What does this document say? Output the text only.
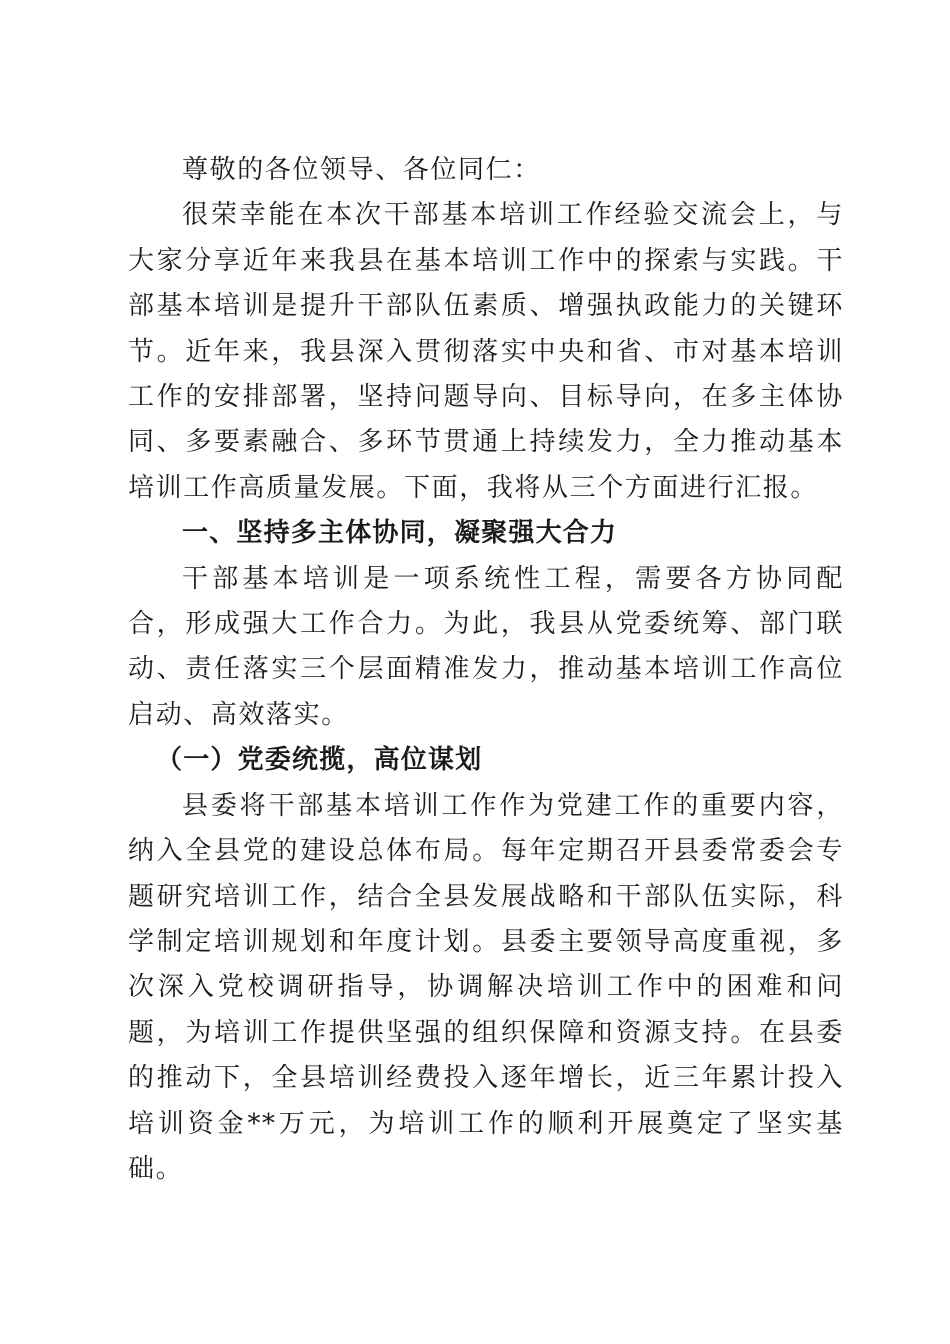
尊敬的各位领导、各位同仁：

很荣幸能在本次干部基本培训工作经验交流会上，与大家分享近年来我县在基本培训工作中的探索与实践。干部基本培训是提升干部队伍素质、增强执政能力的关键环节。近年来，我县深入贯彻落实中央和省、市对基本培训工作的安排部署，坚持问题导向、目标导向，在多主体协同、多要素融合、多环节贯通上持续发力，全力推动基本培训工作高质量发展。下面，我将从三个方面进行汇报。

一、坚持多主体协同，凝聚强大合力

干部基本培训是一项系统性工程，需要各方协同配合，形成强大工作合力。为此，我县从党委统筹、部门联动、责任落实三个层面精准发力，推动基本培训工作高位启动、高效落实。

（一）党委统揽，高位谋划

县委将干部基本培训工作作为党建工作的重要内容，纳入全县党的建设总体布局。每年定期召开县委常委会专题研究培训工作，结合全县发展战略和干部队伍实际，科学制定培训规划和年度计划。县委主要领导高度重视，多次深入党校调研指导，协调解决培训工作中的困难和问题，为培训工作提供坚强的组织保障和资源支持。在县委的推动下，全县培训经费投入逐年增长，近三年累计投入培训资金**万元，为培训工作的顺利开展奠定了坚实基础。
